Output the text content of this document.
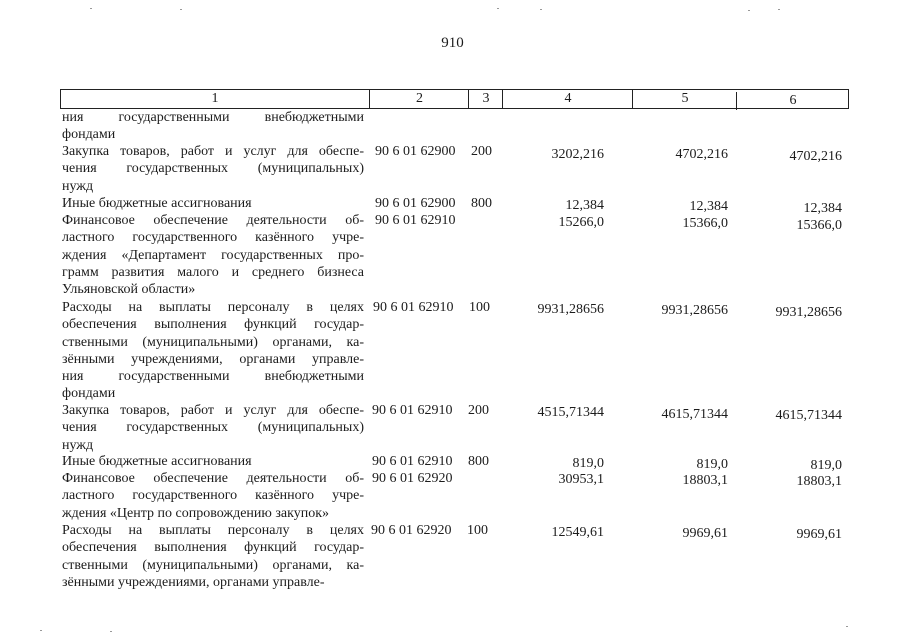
910
1	2	3	4	5	6
ния государственными внебюджетными
фондами
Закупка товаров, работ и услуг для обеспе-
чения государственных (муниципальных)
нужд
90 6 01 62900 200	3202,216	4702,216	4702,216
Иные бюджетные ассигнования	90 6 01 62900 800	12,384	12,384	12,384
Финансовое обеспечение деятельности об-
ластного государственного казённого учре-
ждения «Департамент государственных про-
грамм развития малого и среднего бизнеса
Ульяновской области»
90 6 01 62910	15266,0	15366,0	15366,0
Расходы на выплаты персоналу в целях
обеспечения выполнения функций государ-
ственными (муниципальными) органами, ка-
зёнными учреждениями, органами управле-
ния государственными внебюджетными
фондами
90 6 01 62910 100	9931,28656	9931,28656	9931,28656
Закупка товаров, работ и услуг для обеспе-
чения государственных (муниципальных)
нужд
90 6 01 62910 200	4515,71344	4615,71344	4615,71344
Иные бюджетные ассигнования	90 6 01 62910 800	819,0	819,0	819,0
Финансовое обеспечение деятельности об-
ластного государственного казённого учре-
ждения «Центр по сопровождению закупок»
90 6 01 62920	30953,1	18803,1	18803,1
Расходы на выплаты персоналу в целях
обеспечения выполнения функций государ-
ственными (муниципальными) органами, ка-
зёнными учреждениями, органами управле-
90 6 01 62920 100	12549,61	9969,61	9969,61
